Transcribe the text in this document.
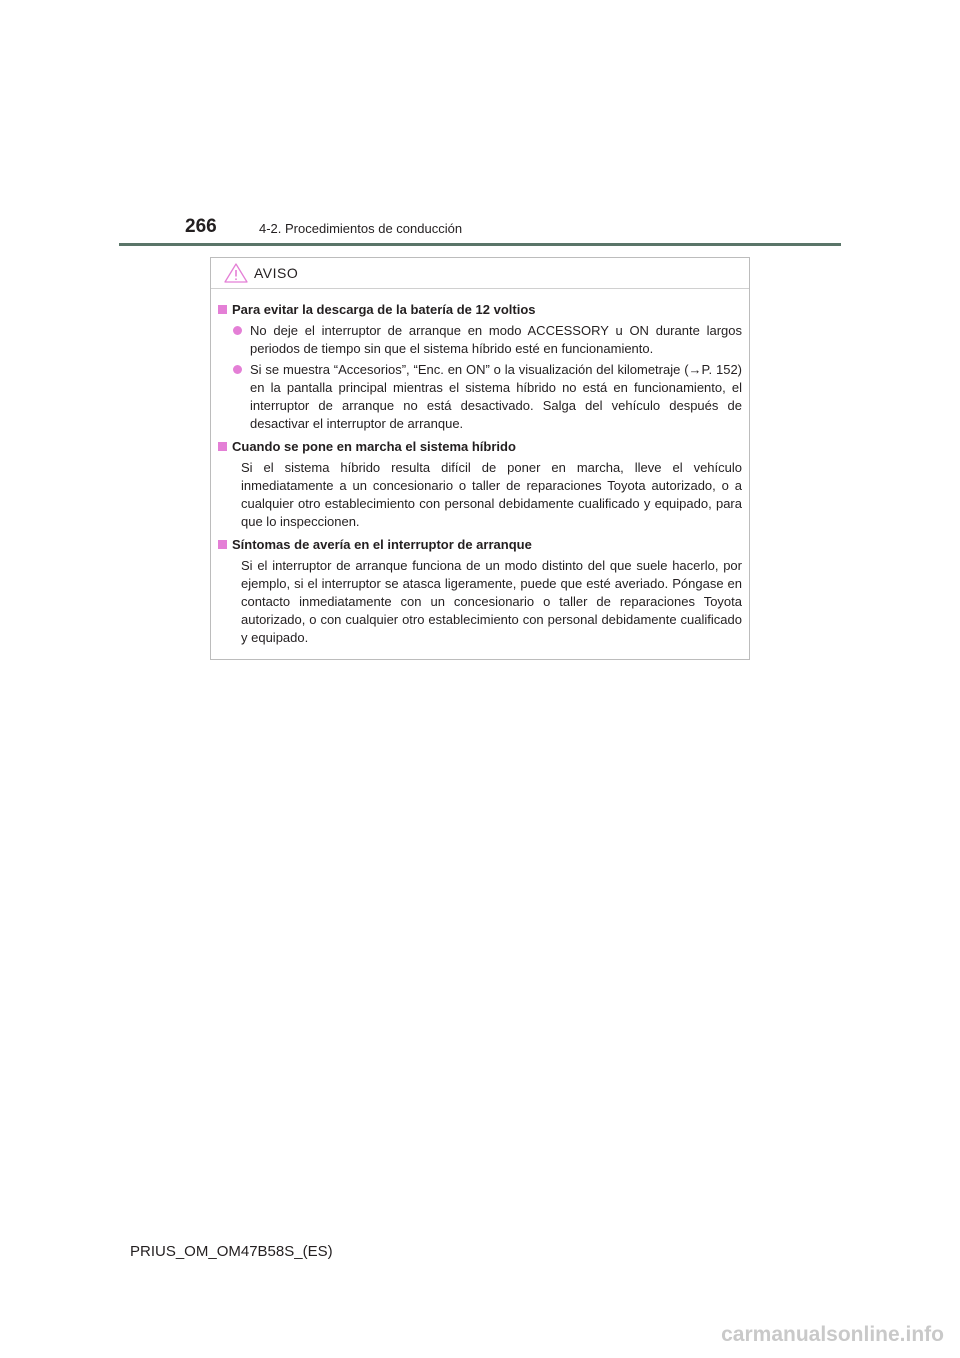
266	4-2. Procedimientos de conducción
AVISO
Para evitar la descarga de la batería de 12 voltios
No deje el interruptor de arranque en modo ACCESSORY u ON durante largos periodos de tiempo sin que el sistema híbrido esté en funcionamiento.
Si se muestra “Accesorios”, “Enc. en ON” o la visualización del kilometraje (→P. 152) en la pantalla principal mientras el sistema híbrido no está en funcionamiento, el interruptor de arranque no está desactivado. Salga del vehículo después de desactivar el interruptor de arranque.
Cuando se pone en marcha el sistema híbrido
Si el sistema híbrido resulta difícil de poner en marcha, lleve el vehículo inmediatamente a un concesionario o taller de reparaciones Toyota autorizado, o a cualquier otro establecimiento con personal debidamente cualificado y equipado, para que lo inspeccionen.
Síntomas de avería en el interruptor de arranque
Si el interruptor de arranque funciona de un modo distinto del que suele hacerlo, por ejemplo, si el interruptor se atasca ligeramente, puede que esté averiado. Póngase en contacto inmediatamente con un concesionario o taller de reparaciones Toyota autorizado, o con cualquier otro establecimiento con personal debidamente cualificado y equipado.
PRIUS_OM_OM47B58S_(ES)
carmanualsonline.info
